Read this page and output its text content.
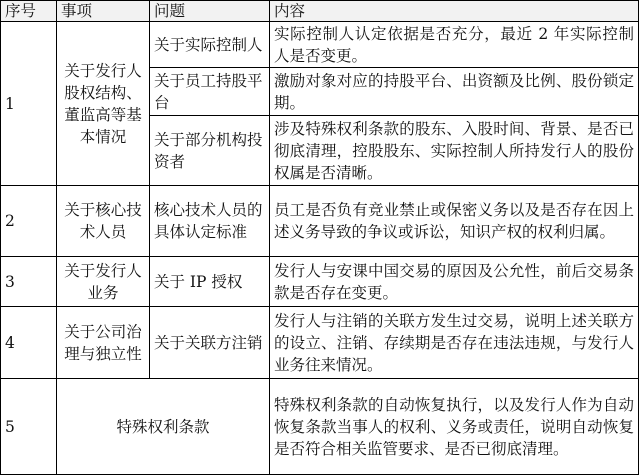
序号	事项	问题	内容
1	关于发行人股权结构、董监高等基本情况	关于实际控制人	实际控制人认定依据是否充分，最近 2 年实际控制人是否变更。
		关于员工持股平台	激励对象对应的持股平台、出资额及比例、股份锁定期。
		关于部分机构投资者	涉及特殊权利条款的股东、入股时间、背景、是否已彻底清理，控股股东、实际控制人所持发行人的股份权属是否清晰。
2	关于核心技术人员	核心技术人员的具体认定标准	员工是否负有竞业禁止或保密义务以及是否存在因上述义务导致的争议或诉讼，知识产权的权利归属。
3	关于发行人业务	关于 IP 授权	发行人与安课中国交易的原因及公允性，前后交易条款是否存在变更。
4	关于公司治理与独立性	关于关联方注销	发行人与注销的关联方发生过交易，说明上述关联方的设立、注销、存续期是否存在违法违规，与发行人业务往来情况。
5	特殊权利条款		特殊权利条款的自动恢复执行，以及发行人作为自动恢复条款当事人的权利、义务或责任，说明自动恢复是否符合相关监管要求、是否已彻底清理。
